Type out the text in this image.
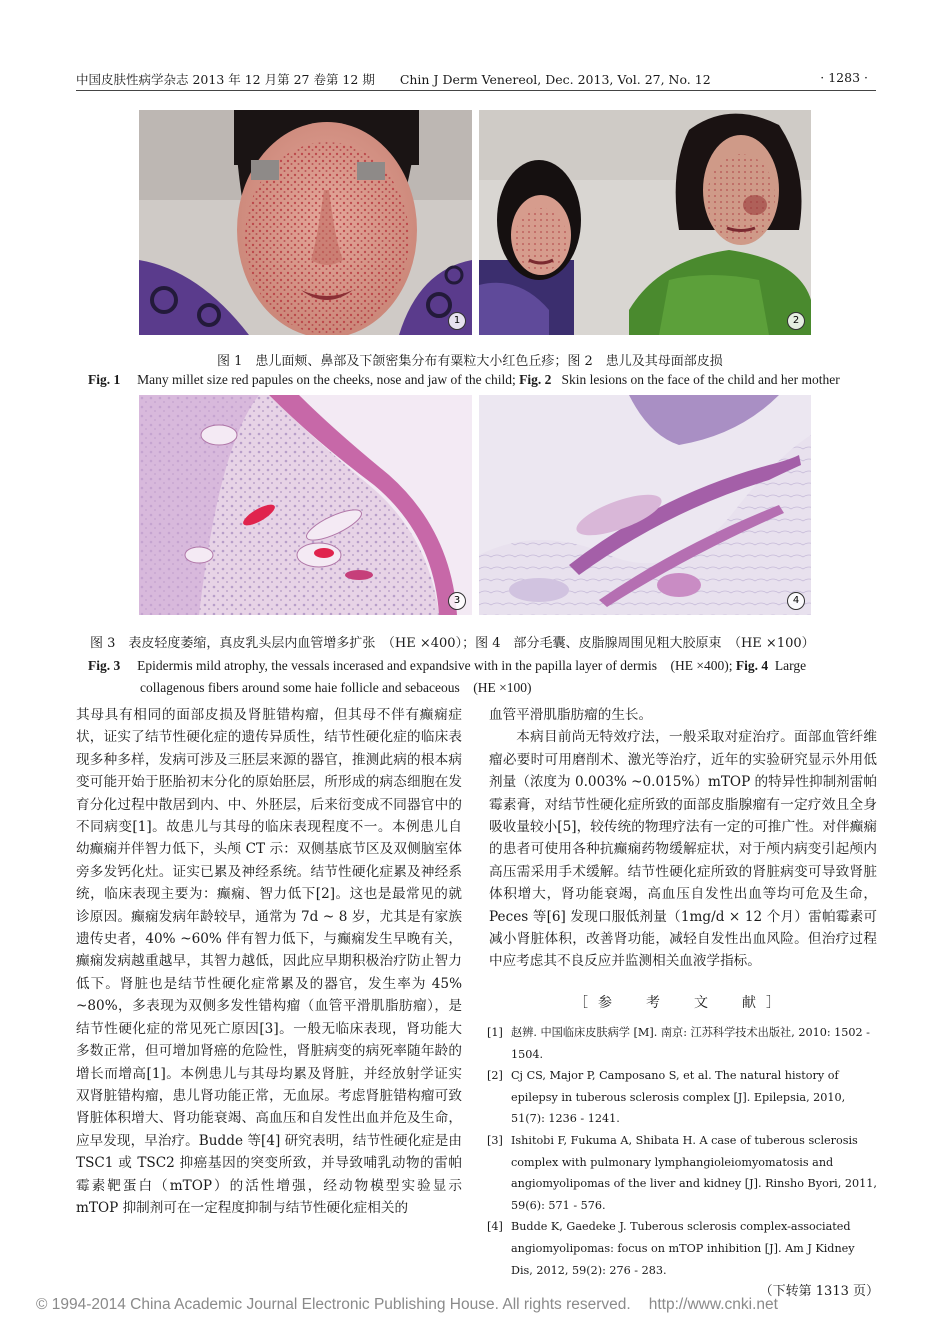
中国皮肤性病学杂志 2013 年 12 月第 27 卷第 12 期　　Chin J Derm Venereol, Dec. 2013, Vol. 27, No. 12	· 1283 ·
1	2
图 1　患儿面颊、鼻部及下颌密集分布有粟粒大小红色丘疹；图 2　患儿及其母面部皮损
Fig. 1 Many millet size red papules on the cheeks, nose and jaw of the child; Fig. 2 Skin lesions on the face of the child and her mother
3	4
图 3　表皮轻度萎缩，真皮乳头层内血管增多扩张　（HE ×400）；图 4　部分毛囊、皮脂腺周围见粗大胶原束　（HE ×100）
Fig. 3 Epidermis mild atrophy, the vessals incerased and expandsive with in the papilla layer of dermis　(HE ×400); Fig. 4 Large
collagenous fibers around some haie follicle and sebaceous　(HE ×100)

其母具有相同的面部皮损及肾脏错构瘤，但其母不伴有癫痫症状，证实了结节性硬化症的遗传异质性，结节性硬化症的临床表现多种多样，发病可涉及三胚层来源的器官，推测此病的根本病变可能开始于胚胎初末分化的原始胚层，所形成的病态细胞在发育分化过程中散居到内、中、外胚层，后来衍变成不同器官中的不同病变[1]。故患儿与其母的临床表现程度不一。本例患儿自幼癫痫并伴智力低下，头颅 CT 示：双侧基底节区及双侧脑室体旁多发钙化灶。证实已累及神经系统。结节性硬化症累及神经系统，临床表现主要为：癫痫、智力低下[2]。这也是最常见的就诊原因。癫痫发病年龄较早，通常为 7d ~ 8 岁，尤其是有家族遗传史者，40% ~60% 伴有智力低下，与癫痫发生早晚有关，癫痫发病越重越早，其智力越低，因此应早期积极治疗防止智力低下。肾脏也是结节性硬化症常累及的器官，发生率为 45% ~80%，多表现为双侧多发性错构瘤（血管平滑肌脂肪瘤），是结节性硬化症的常见死亡原因[3]。一般无临床表现，肾功能大多数正常，但可增加肾癌的危险性，肾脏病变的病死率随年龄的增长而增高[1]。本例患儿与其母均累及肾脏，并经放射学证实双肾脏错构瘤，患儿肾功能正常，无血尿。考虑肾脏错构瘤可致肾脏体积增大、肾功能衰竭、高血压和自发性出血并危及生命，应早发现，早治疗。Budde 等[4] 研究表明，结节性硬化症是由 TSC1 或 TSC2 抑癌基因的突变所致，并导致哺乳动物的雷帕霉素靶蛋白（mTOP）的活性增强，经动物模型实验显示 mTOP 抑制剂可在一定程度抑制与结节性硬化症相关的

血管平滑肌脂肪瘤的生长。

本病目前尚无特效疗法，一般采取对症治疗。面部血管纤维瘤必要时可用磨削术、激光等治疗，近年的实验研究显示外用低剂量（浓度为 0.003% ~0.015%）mTOP 的特异性抑制剂雷帕霉素膏，对结节性硬化症所致的面部皮脂腺瘤有一定疗效且全身吸收量较小[5]，较传统的物理疗法有一定的可推广性。对伴癫痫的患者可使用各种抗癫痫药物缓解症状，对于颅内病变引起颅内高压需采用手术缓解。结节性硬化症所致的肾脏病变可导致肾脏体积增大，肾功能衰竭，高血压自发性出血等均可危及生命，Peces 等[6] 发现口服低剂量（1mg/d × 12 个月）雷帕霉素可减小肾脏体积，改善肾功能，减轻自发性出血风险。但治疗过程中应考虑其不良反应并监测相关血液学指标。

［参　考　文　献］
[1] 赵辨. 中国临床皮肤病学 [M]. 南京: 江苏科学技术出版社, 2010: 1502 - 1504.
[2] Cj CS, Major P, Camposano S, et al. The natural history of epilepsy in tuberous sclerosis complex [J]. Epilepsia, 2010, 51(7): 1236 - 1241.
[3] Ishitobi F, Fukuma A, Shibata H. A case of tuberous sclerosis complex with pulmonary lymphangioleiomyomatosis and angiomyolipomas of the liver and kidney [J]. Rinsho Byori, 2011, 59(6): 571 - 576.
[4] Budde K, Gaedeke J. Tuberous sclerosis complex-associated angiomyolipomas: focus on mTOP inhibition [J]. Am J Kidney Dis, 2012, 59(2): 276 - 283.
（下转第 1313 页）
© 1994-2014 China Academic Journal Electronic Publishing House. All rights reserved. http://www.cnki.net
